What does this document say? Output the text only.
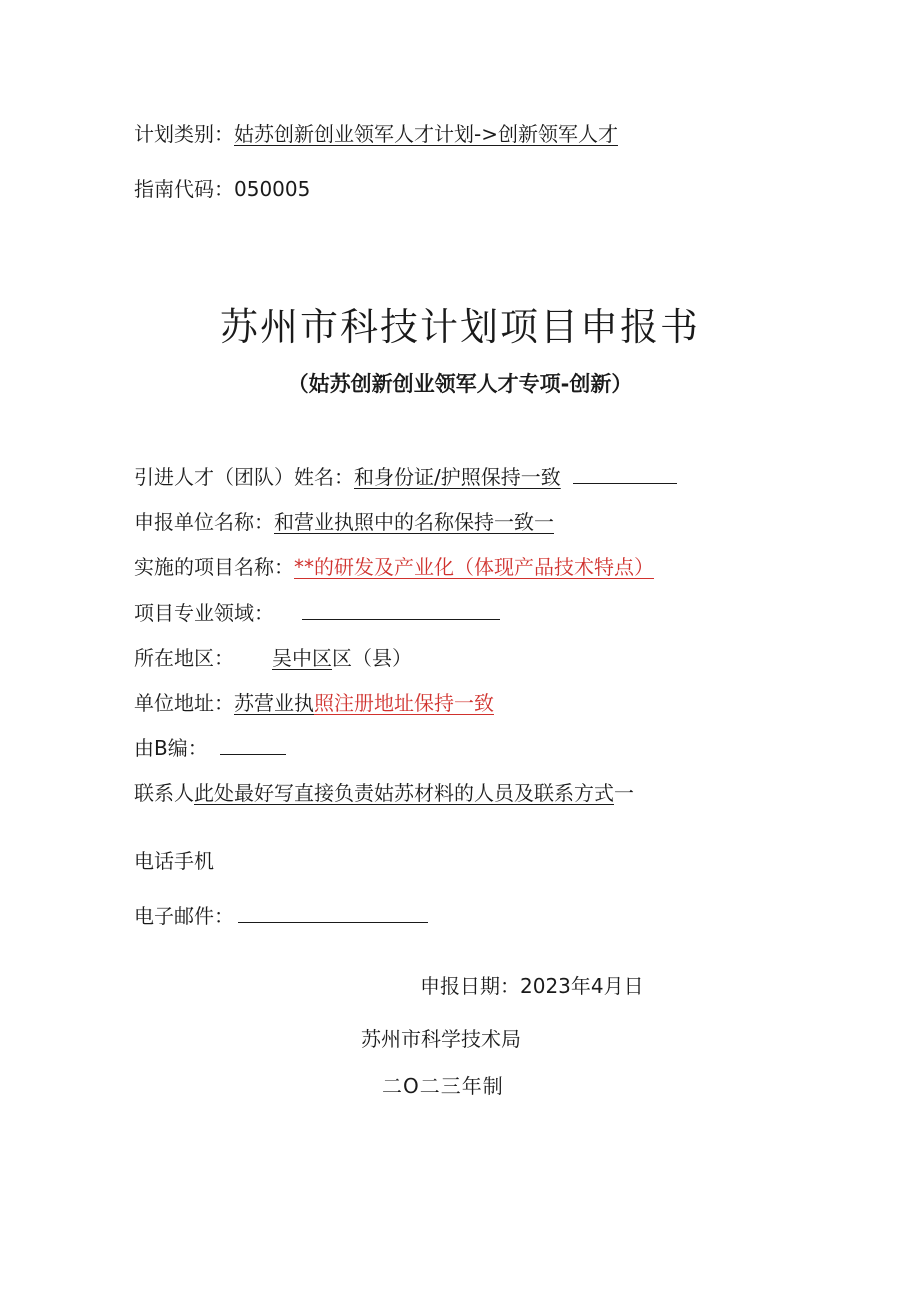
计划类别：姑苏创新创业领军人才计划->创新领军人才
指南代码：050005
苏州市科技计划项目申报书
（姑苏创新创业领军人才专项-创新）
引进人才（团队）姓名：和身份证/护照保持一致
申报单位名称：和营业执照中的名称保持一致一
实施的项目名称：**的研发及产业化（体现产品技术特点）
项目专业领域：
所在地区： 吴中区区（县）
单位地址：苏营业执照注册地址保持一致
由B编：
联系人此处最好写直接负责姑苏材料的人员及联系方式一
电话手机
电子邮件：
申报日期：2023年4月日
苏州市科学技术局
二O二三年制
